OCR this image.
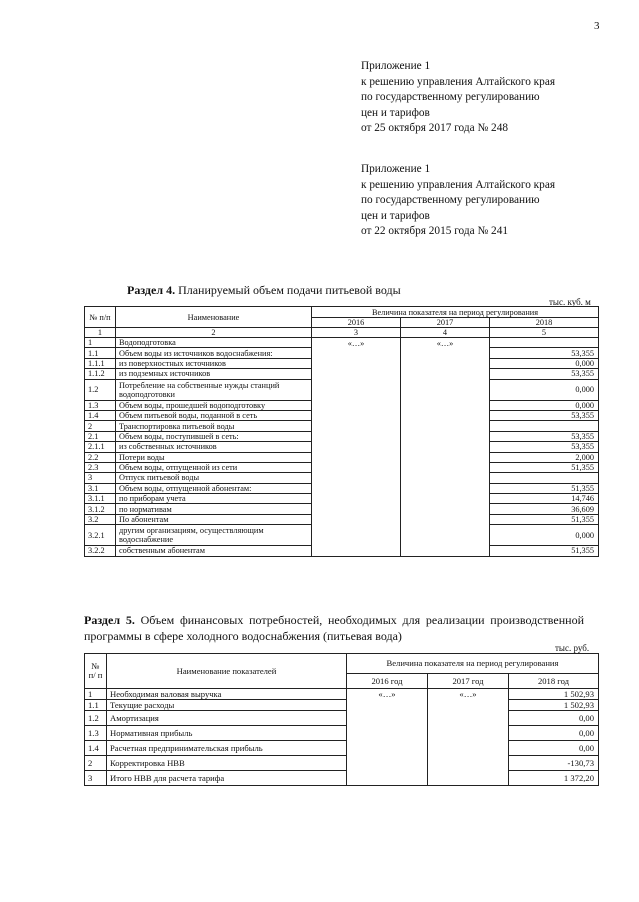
3
Приложение 1
к решению управления Алтайского края
по государственному регулированию
цен и тарифов
от 25 октября 2017 года № 248
Приложение 1
к решению управления Алтайского края
по государственному регулированию
цен и тарифов
от 22 октября 2015 года № 241
Раздел 4. Планируемый объем подачи питьевой воды
тыс. куб. м
№ п/п	Наименование	Величина показателя на период регулирования		
		2016	2017	2018
1	2	3	4	5
1	Водоподготовка	«…»	«…»	
1.1	Объем воды из источников водоснабжения:			53,355
1.1.1	из поверхностных источников			0,000
1.1.2	из подземных источников			53,355
1.2	Потребление на собственные нужды станций водоподготовки			0,000
1.3	Объем воды, прошедшей водоподготовку			0,000
1.4	Объем питьевой воды, поданной в сеть			53,355
2	Транспортировка питьевой воды			
2.1	Объем воды, поступившей в сеть:			53,355
2.1.1	из собственных источников			53,355
2.2	Потери воды			2,000
2.3	Объем воды, отпущенной из сети			51,355
3	Отпуск питьевой воды			
3.1	Объем воды, отпущенной абонентам:			51,355
3.1.1	по приборам учета			14,746
3.1.2	по нормативам			36,609
3.2	По абонентам			51,355
3.2.1	другим организациям, осуществляющим водоснабжение			0,000
3.2.2	собственным абонентам			51,355
Раздел 5. Объем финансовых потребностей, необходимых для реализации производственной программы в сфере холодного водоснабжения (питьевая вода)
тыс. руб.
№ п/ п	Наименование показателей	Величина показателя на период регулирования		
		2016 год	2017 год	2018 год
1	Необходимая валовая выручка	«…»	«…»	1 502,93
1.1	Текущие расходы			1 502,93
1.2	Амортизация			0,00
1.3	Нормативная прибыль			0,00
1.4	Расчетная предпринимательская прибыль			0,00
2	Корректировка НВВ			-130,73
3	Итого НВВ для расчета тарифа			1 372,20
